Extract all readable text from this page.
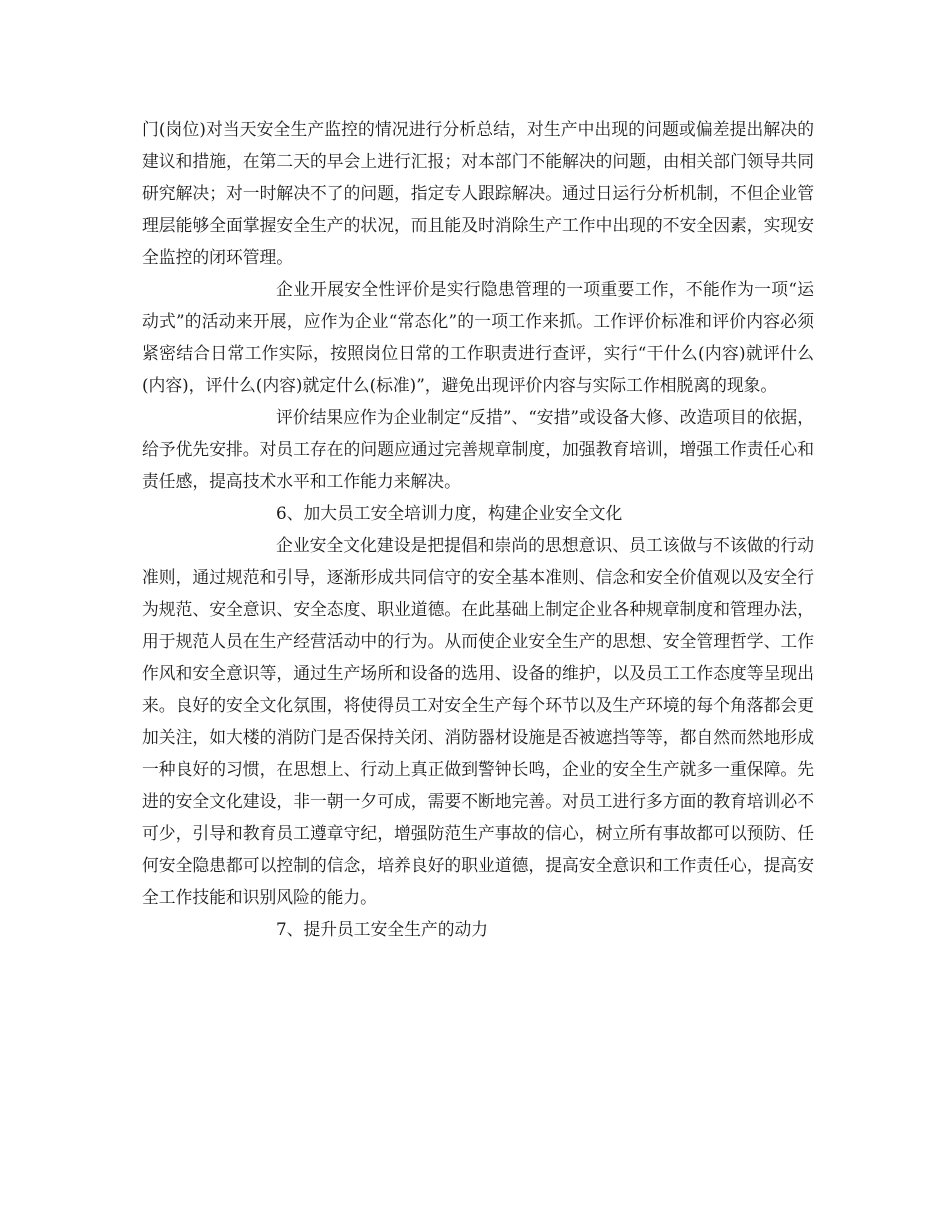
门(岗位)对当天安全生产监控的情况进行分析总结，对生产中出现的问题或偏差提出解决的建议和措施，在第二天的早会上进行汇报；对本部门不能解决的问题，由相关部门领导共同研究解决；对一时解决不了的问题，指定专人跟踪解决。通过日运行分析机制，不但企业管理层能够全面掌握安全生产的状况，而且能及时消除生产工作中出现的不安全因素，实现安全监控的闭环管理。

企业开展安全性评价是实行隐患管理的一项重要工作，不能作为一项“运动式”的活动来开展，应作为企业“常态化”的一项工作来抓。工作评价标准和评价内容必须紧密结合日常工作实际，按照岗位日常的工作职责进行查评，实行“干什么(内容)就评什么(内容)，评什么(内容)就定什么(标准)”，避免出现评价内容与实际工作相脱离的现象。

评价结果应作为企业制定“反措”、“安措”或设备大修、改造项目的依据，给予优先安排。对员工存在的问题应通过完善规章制度，加强教育培训，增强工作责任心和责任感，提高技术水平和工作能力来解决。

6、加大员工安全培训力度，构建企业安全文化

企业安全文化建设是把提倡和崇尚的思想意识、员工该做与不该做的行动准则，通过规范和引导，逐渐形成共同信守的安全基本准则、信念和安全价值观以及安全行为规范、安全意识、安全态度、职业道德。在此基础上制定企业各种规章制度和管理办法，用于规范人员在生产经营活动中的行为。从而使企业安全生产的思想、安全管理哲学、工作作风和安全意识等，通过生产场所和设备的选用、设备的维护，以及员工工作态度等呈现出来。良好的安全文化氛围，将使得员工对安全生产每个环节以及生产环境的每个角落都会更加关注，如大楼的消防门是否保持关闭、消防器材设施是否被遮挡等等，都自然而然地形成一种良好的习惯，在思想上、行动上真正做到警钟长鸣，企业的安全生产就多一重保障。先进的安全文化建设，非一朝一夕可成，需要不断地完善。对员工进行多方面的教育培训必不可少，引导和教育员工遵章守纪，增强防范生产事故的信心，树立所有事故都可以预防、任何安全隐患都可以控制的信念，培养良好的职业道德，提高安全意识和工作责任心，提高安全工作技能和识别风险的能力。

7、提升员工安全生产的动力
